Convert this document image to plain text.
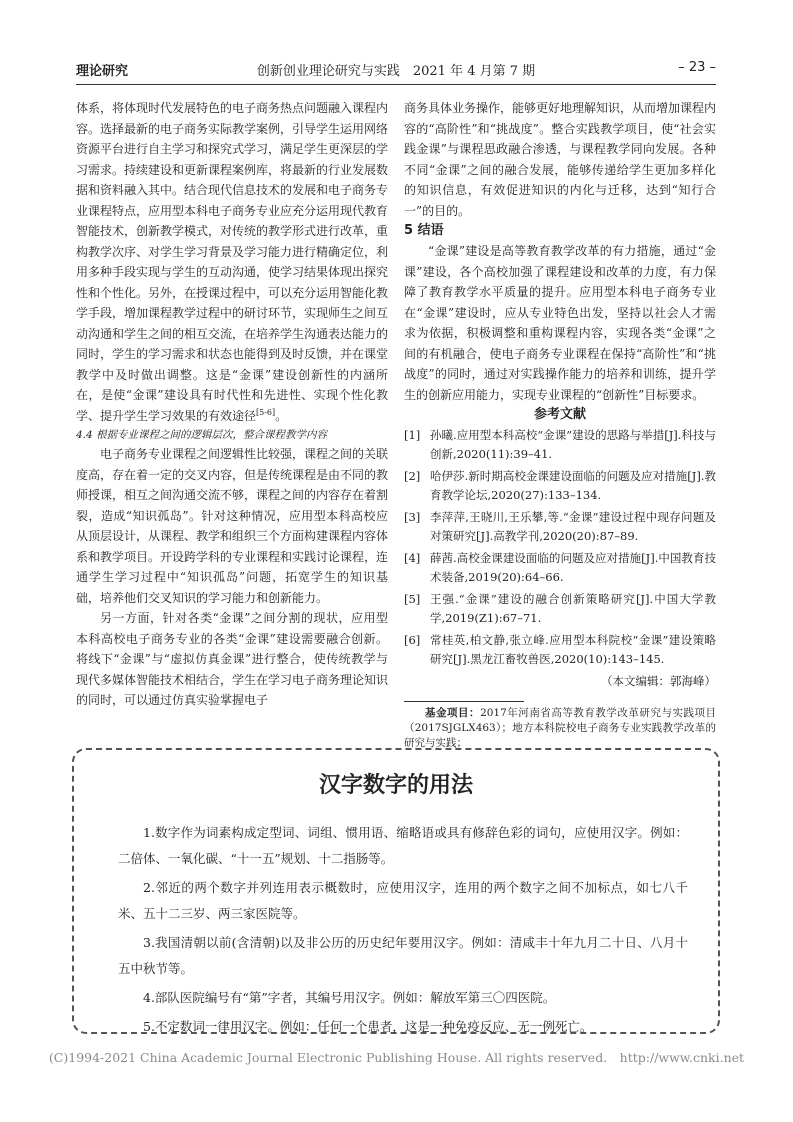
理论研究	创新创业理论研究与实践　2021 年 4 月第 7 期	– 23 –

体系，将体现时代发展特色的电子商务热点问题融入课程内容。选择最新的电子商务实际教学案例，引导学生运用网络资源平台进行自主学习和探究式学习，满足学生更深层的学习需求。持续建设和更新课程案例库，将最新的行业发展数据和资料融入其中。结合现代信息技术的发展和电子商务专业课程特点，应用型本科电子商务专业应充分运用现代教育智能技术，创新教学模式，对传统的教学形式进行改革，重构教学次序、对学生学习背景及学习能力进行精确定位，利用多种手段实现与学生的互动沟通，使学习结果体现出探究性和个性化。另外，在授课过程中，可以充分运用智能化教学手段，增加课程教学过程中的研讨环节，实现师生之间互动沟通和学生之间的相互交流，在培养学生沟通表达能力的同时，学生的学习需求和状态也能得到及时反馈，并在课堂教学中及时做出调整。这是“金课”建设创新性的内涵所在，是使“金课”建设具有时代性和先进性、实现个性化教学、提升学生学习效果的有效途径[5-6]。

4.4 根据专业课程之间的逻辑层次，整合课程教学内容

电子商务专业课程之间逻辑性比较强，课程之间的关联度高，存在着一定的交叉内容，但是传统课程是由不同的教师授课，相互之间沟通交流不够，课程之间的内容存在着割裂，造成“知识孤岛”。针对这种情况，应用型本科高校应从顶层设计，从课程、教学和组织三个方面构建课程内容体系和教学项目。开设跨学科的专业课程和实践讨论课程，连通学生学习过程中“知识孤岛”问题，拓宽学生的知识基础，培养他们交叉知识的学习能力和创新能力。

另一方面，针对各类“金课”之间分割的现状，应用型本科高校电子商务专业的各类“金课”建设需要融合创新。将线下“金课”与“虚拟仿真金课”进行整合，使传统教学与现代多媒体智能技术相结合，学生在学习电子商务理论知识的同时，可以通过仿真实验掌握电子

商务具体业务操作，能够更好地理解知识，从而增加课程内容的“高阶性”和“挑战度”。整合实践教学项目，使“社会实践金课”与课程思政融合渗透，与课程教学同向发展。各种不同“金课”之间的融合发展，能够传递给学生更加多样化的知识信息，有效促进知识的内化与迁移，达到“知行合一”的目的。

5 结语

“金课”建设是高等教育教学改革的有力措施，通过“金课”建设，各个高校加强了课程建设和改革的力度，有力保障了教育教学水平质量的提升。应用型本科电子商务专业在“金课”建设时，应从专业特色出发，坚持以社会人才需求为依据，积极调整和重构课程内容，实现各类“金课”之间的有机融合，使电子商务专业课程在保持“高阶性”和“挑战度”的同时，通过对实践操作能力的培养和训练，提升学生的创新应用能力，实现专业课程的“创新性”目标要求。

参考文献

[1] 孙曦.应用型本科高校“金课”建设的思路与举措[J].科技与创新,2020(11):39–41.
[2] 哈伊莎.新时期高校金课建设面临的问题及应对措施[J].教育教学论坛,2020(27):133–134.
[3] 李萍萍,王晓川,王乐攀,等.“金课”建设过程中现存问题及对策研究[J].高教学刊,2020(20):87–89.
[4] 薛茜.高校金课建设面临的问题及应对措施[J].中国教育技术装备,2019(20):64–66.
[5] 王强.“金课”建设的融合创新策略研究[J].中国大学教学,2019(Z1):67–71.
[6] 常桂英,柏文静,张立峰.应用型本科院校“金课”建设策略研究[J].黑龙江畜牧兽医,2020(10):143–145.
（本文编辑：郭海峰）

基金项目：2017年河南省高等教育教学改革研究与实践项目（2017SJGLX463）；地方本科院校电子商务专业实践教学改革的研究与实践；

汉字数字的用法

1.数字作为词素构成定型词、词组、惯用语、缩略语或具有修辞色彩的词句，应使用汉字。例如：二倍体、一氧化碳、“十一五”规划、十二指肠等。

2.邻近的两个数字并列连用表示概数时，应使用汉字，连用的两个数字之间不加标点，如七八千米、五十二三岁、两三家医院等。

3.我国清朝以前(含清朝)以及非公历的历史纪年要用汉字。例如：清咸丰十年九月二十日、八月十五中秋节等。

4.部队医院编号有“第”字者，其编号用汉字。例如：解放军第三〇四医院。

5.不定数词一律用汉字。例如：任何一个患者，这是一种免疫反应、无一例死亡。

(C)1994-2021 China Academic Journal Electronic Publishing House. All rights reserved.　http://www.cnki.net
